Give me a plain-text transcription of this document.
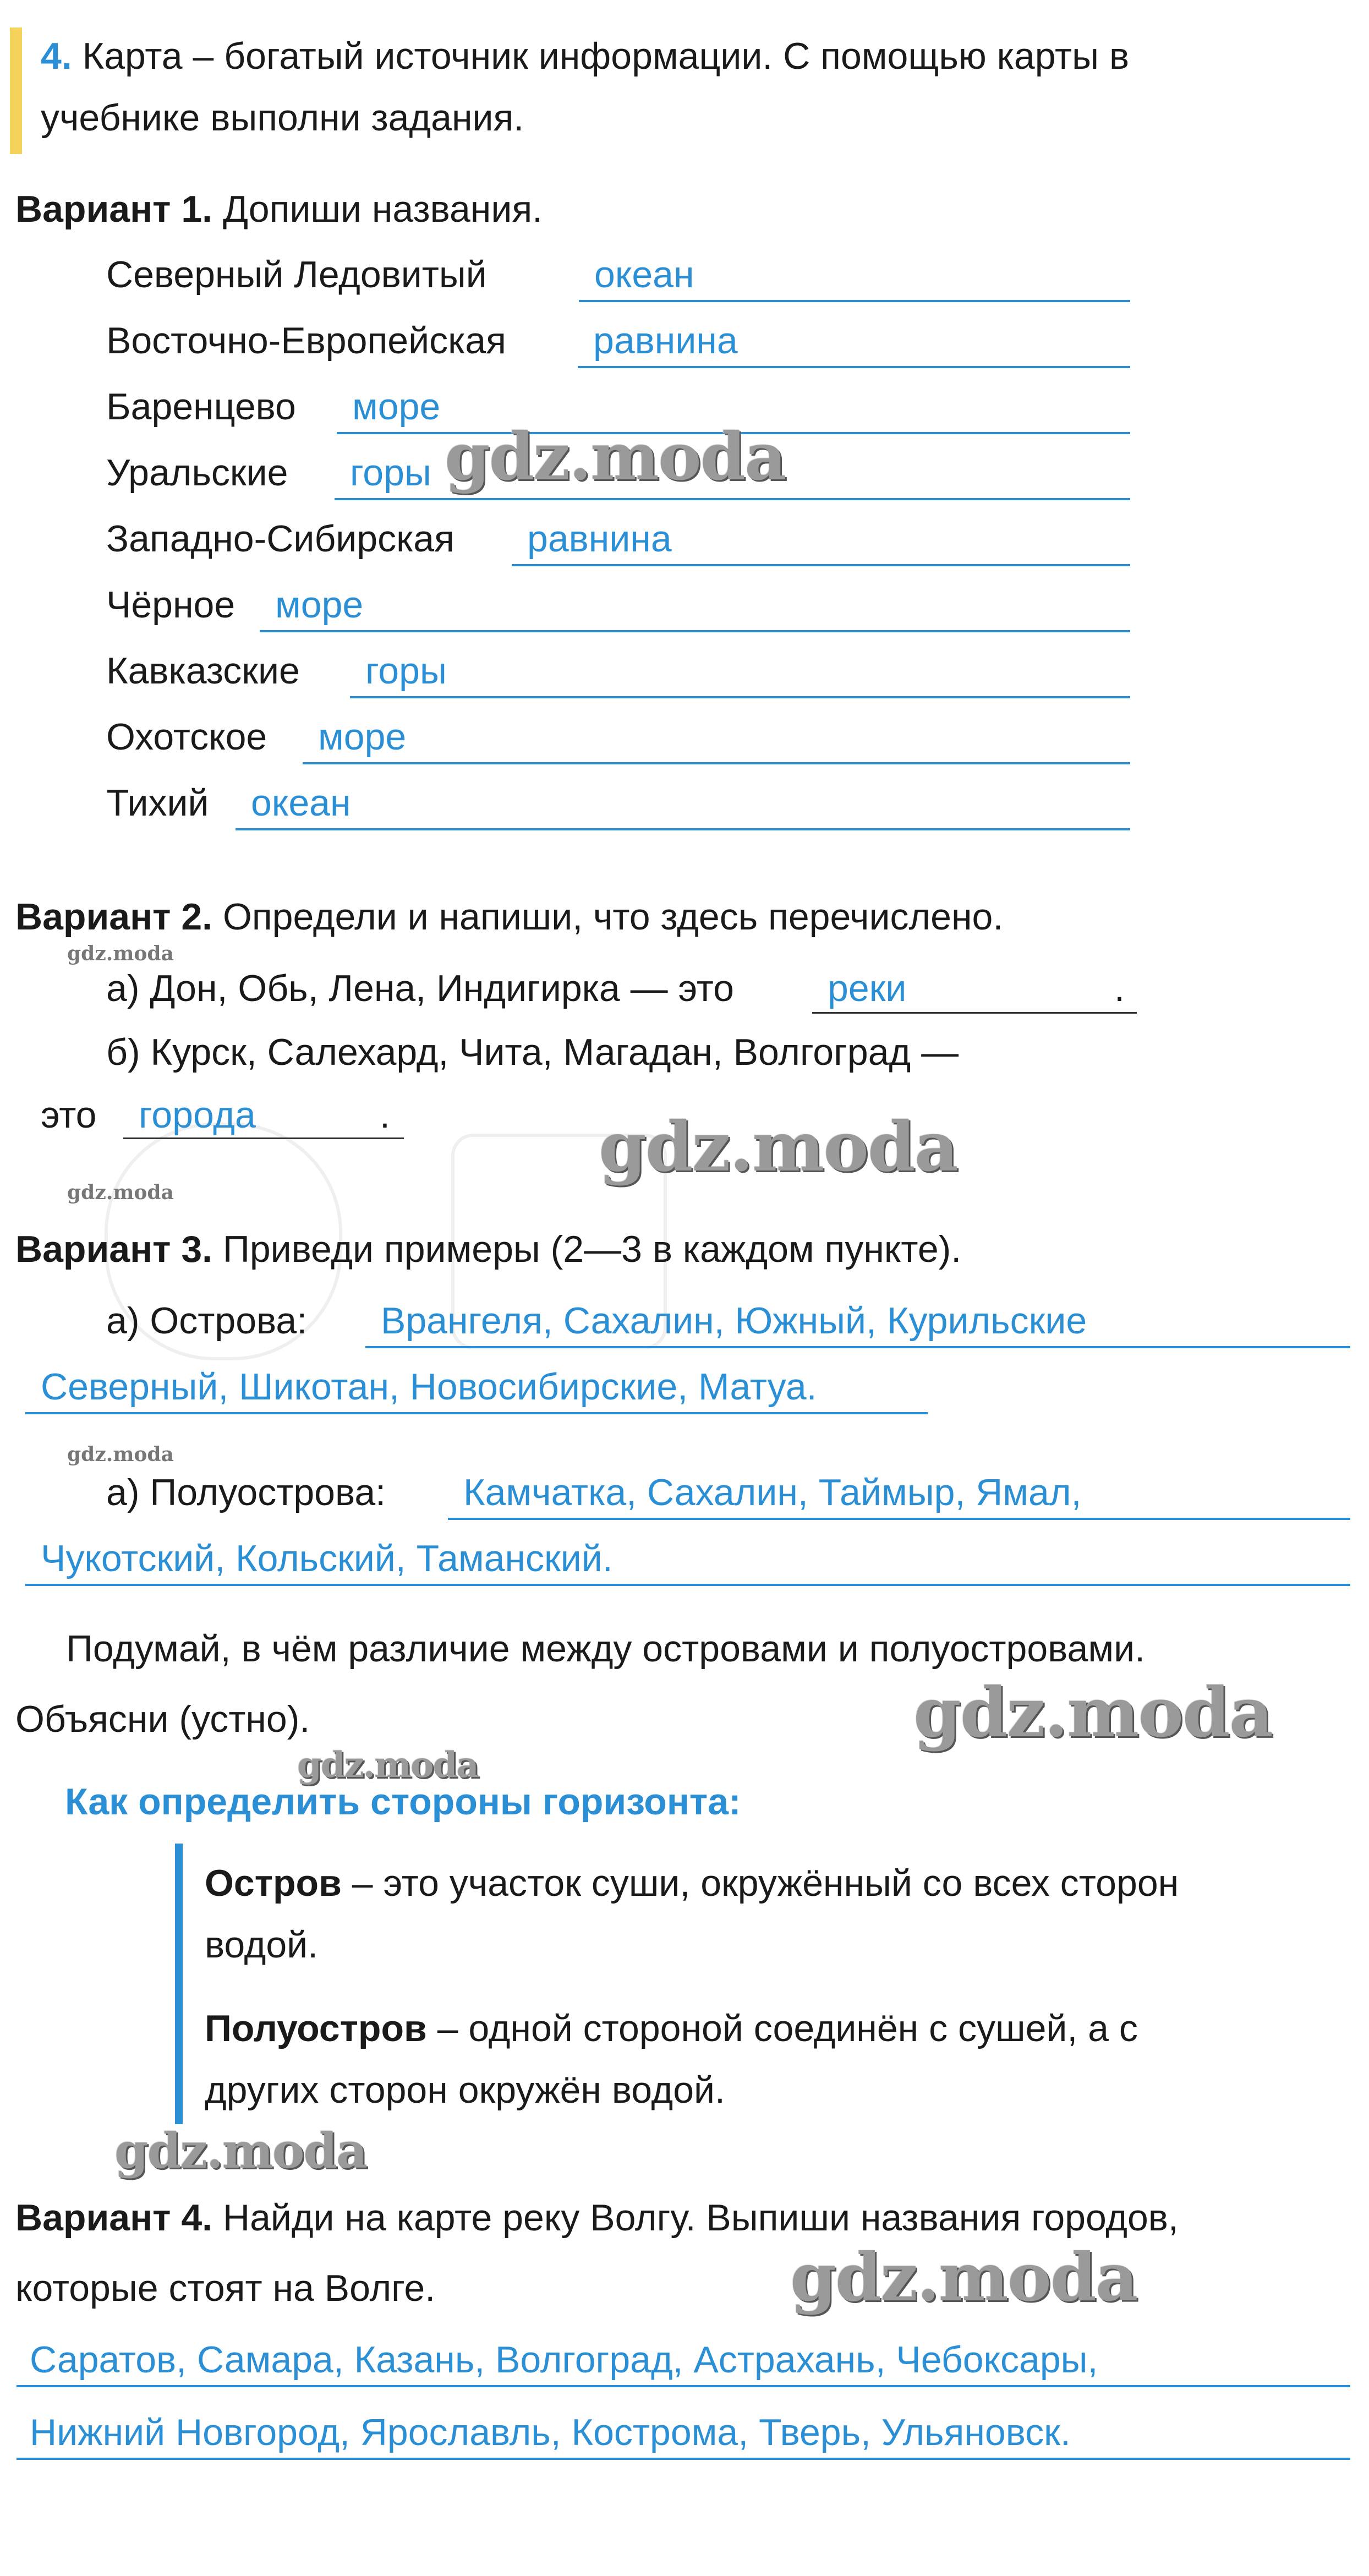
4. Карта – богатый источник информации. С помощью карты в
учебнике выполни задания.
Вариант 1. Допиши названия.
Северный Ледовитый	океан
Восточно-Европейская равнина
Баренцево море
Уральские горы
Западно-Сибирская равнина
Чёрное море
Кавказские горы
Охотское море
Тихий океан
gdz.moda
Вариант 2. Определи и напиши, что здесь перечислено.
gdz.moda
а) Дон, Обь, Лена, Индигирка — это	реки	.
б) Курск, Салехард, Чита, Магадан, Волгоград —
это города	.	gdz.moda
gdz.moda
Вариант 3. Приведи примеры (2—3 в каждом пункте).
а) Острова: Врангеля, Сахалин, Южный, Курильские
Северный, Шикотан, Новосибирские, Матуа.
gdz.moda
а) Полуострова: Камчатка, Сахалин, Таймыр, Ямал,
Чукотский, Кольский, Таманский.
Подумай, в чём различие между островами и полуостровами.
Объясни (устно).	gdz.moda
gdz.moda
Как определить стороны горизонта:
Остров – это участок суши, окружённый со всех сторон
водой.
Полуостров – одной стороной соединён с сушей, а с
других сторон окружён водой.
gdz.moda
Вариант 4. Найди на карте реку Волгу. Выпиши названия городов,
которые стоят на Волге.	gdz.moda
Саратов, Самара, Казань, Волгоград, Астрахань, Чебоксары,
Нижний Новгород, Ярославль, Кострома, Тверь, Ульяновск.
